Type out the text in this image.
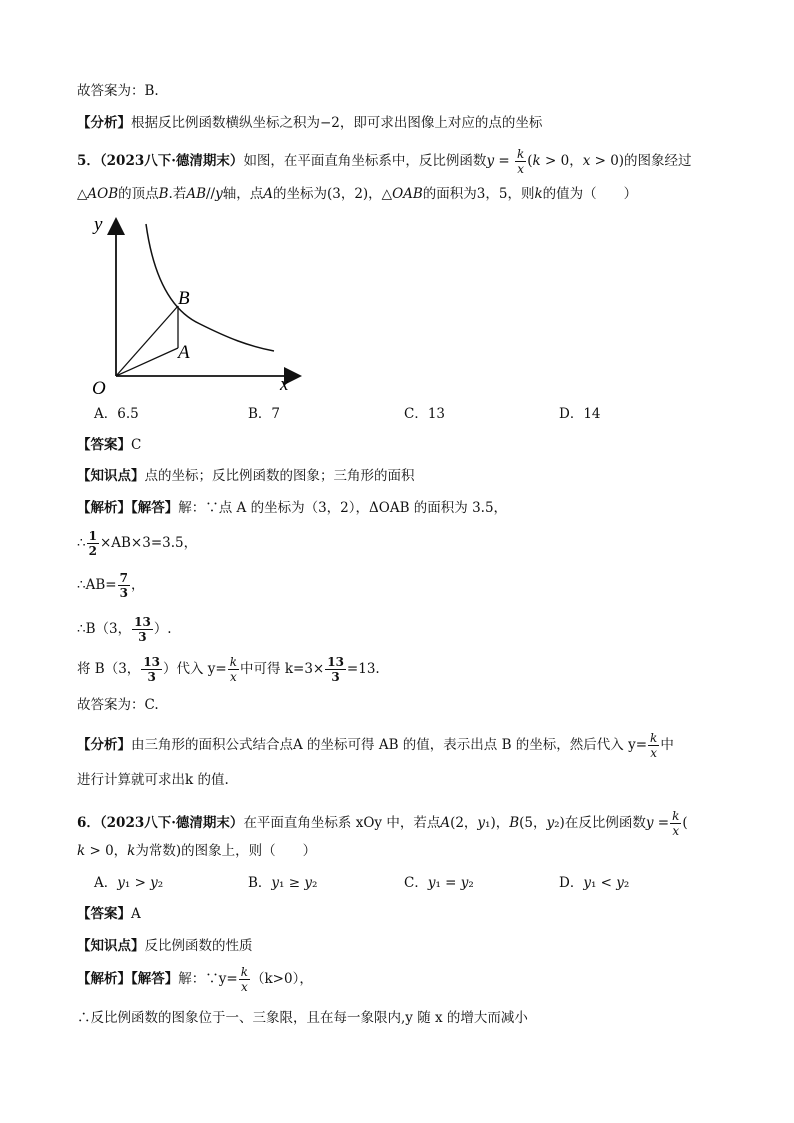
故答案为：B.
【分析】根据反比例函数横纵坐标之积为−2，即可求出图像上对应的点的坐标
5．（2023八下·德清期末）如图，在平面直角坐标系中，反比例函数$y = \frac{k}{x}$ (𝑘 > 0，𝑥 > 0)的图象经过
△𝐴𝑂𝐵的顶点𝐵.若𝐴𝐵//𝑦轴，点𝐴的坐标为(3，2)，△𝑂𝐴𝐵的面积为3，5，则𝑘的值为（　　）
y
x
O
B
A
A．6.5	B．7	C．13	D．14
【答案】C
【知识点】点的坐标；反比例函数的图象；三角形的面积
【解析】【解答】解：∵点 A 的坐标为（3，2），ΔOAB 的面积为 3.5，
∴ $\frac{1}{2} \times AB\times 3=3.5$，
∴AB= $\frac{7}{3}$ ，
∴B（3， $\frac{13}{3}$ ）.
将 B（3， $\frac{13}{3}$ ）代入 $y= \frac{k}{x}$ 中可得 $k=3\times \frac{13}{3} =13$.
故答案为：C.
【分析】由三角形的面积公式结合点A 的坐标可得 AB 的值，表示出点 B 的坐标，然后代入 $y= \frac{k}{x}$ 中
进行计算就可求出k 的值.
6．（2023八下·德清期末）在平面直角坐标系 xOy 中，若点𝐴(2，𝑦₁)，𝐵(5，𝑦₂)在反比例函数𝑦 = $\frac{k}{x}$ (
𝑘 > 0，𝑘为常数)的图象上，则（　　）
A．𝑦₁ > 𝑦₂	B．𝑦₁ ≥ 𝑦₂	C．𝑦₁ = 𝑦₂	D．𝑦₁ < 𝑦₂
【答案】A
【知识点】反比例函数的性质
【解析】【解答】解：∵y= $\frac{k}{x} (k>0)$，
∴反比例函数的图象位于一、三象限，且在每一象限内,y 随 x 的增大而减小
